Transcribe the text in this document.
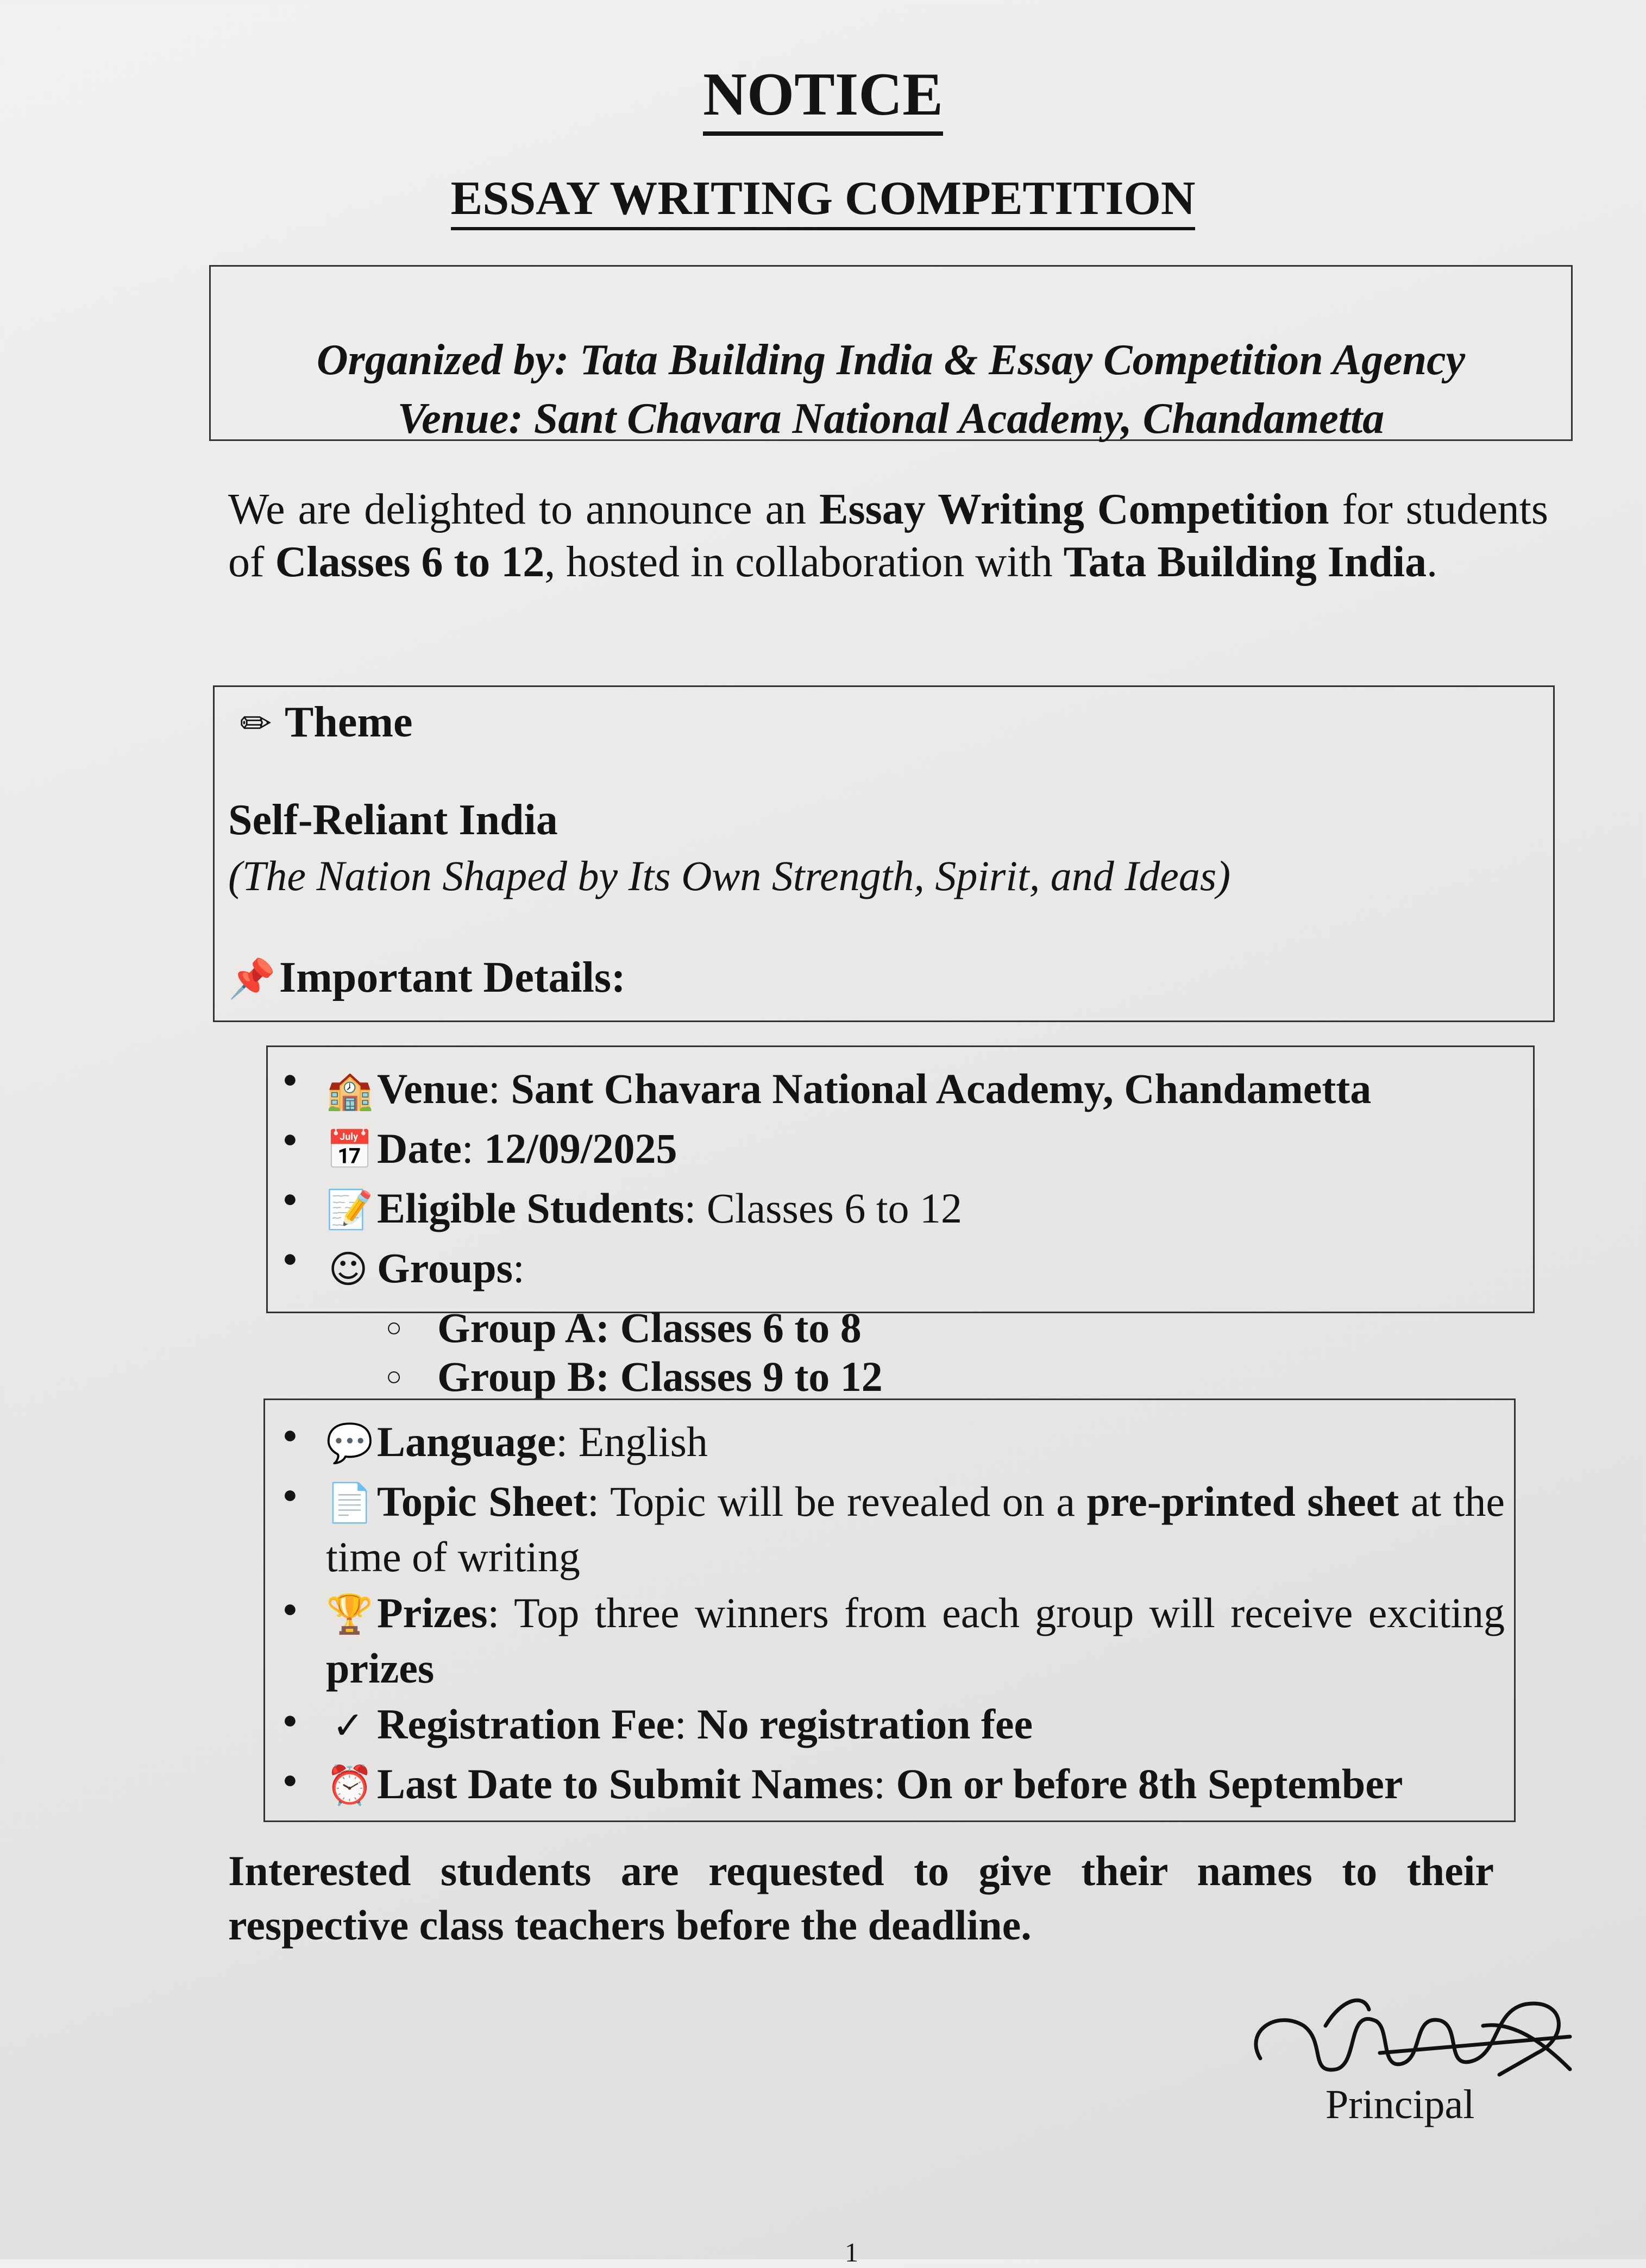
NOTICE
ESSAY WRITING COMPETITION
Organized by: Tata Building India & Essay Competition Agency
Venue: Sant Chavara National Academy, Chandametta
We are delighted to announce an Essay Writing Competition for students of Classes 6 to 12, hosted in collaboration with Tata Building India.
✏ Theme
Self-Reliant India
(The Nation Shaped by Its Own Strength, Spirit, and Ideas)
📌Important Details:
● 🏫Venue: Sant Chavara National Academy, Chandametta
● 📅Date: 12/09/2025
● 📝Eligible Students: Classes 6 to 12
● ☺ Groups:
○ Group A: Classes 6 to 8
○ Group B: Classes 9 to 12
● 💬Language: English
● 📄Topic Sheet: Topic will be revealed on a pre-printed sheet at the time of writing
● 🏆Prizes: Top three winners from each group will receive exciting prizes
● ✓ Registration Fee: No registration fee
● ⏰Last Date to Submit Names: On or before 8th September
Interested students are requested to give their names to their respective class teachers before the deadline.
Principal
1
